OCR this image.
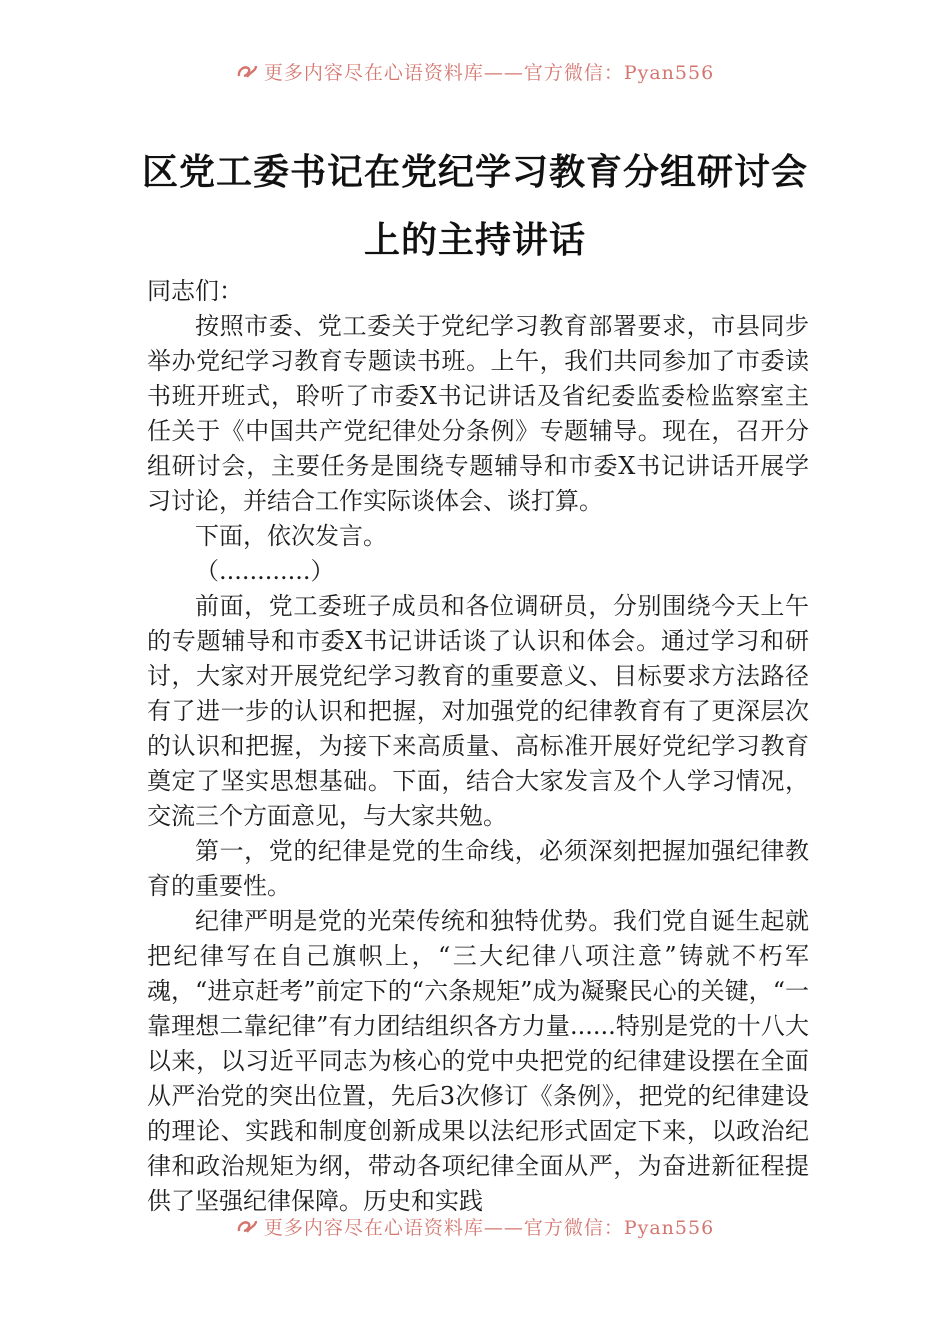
更多内容尽在心语资料库——官方微信：Pyan556
区党工委书记在党纪学习教育分组研讨会
上的主持讲话

同志们：

按照市委、党工委关于党纪学习教育部署要求，市县同步举办党纪学习教育专题读书班。上午，我们共同参加了市委读书班开班式，聆听了市委X书记讲话及省纪委监委检监察室主任关于《中国共产党纪律处分条例》专题辅导。现在，召开分组研讨会，主要任务是围绕专题辅导和市委X书记讲话开展学习讨论，并结合工作实际谈体会、谈打算。

下面，依次发言。

（............）

前面，党工委班子成员和各位调研员，分别围绕今天上午的专题辅导和市委X书记讲话谈了认识和体会。通过学习和研讨，大家对开展党纪学习教育的重要意义、目标要求方法路径有了进一步的认识和把握，对加强党的纪律教育有了更深层次的认识和把握，为接下来高质量、高标准开展好党纪学习教育奠定了坚实思想基础。下面，结合大家发言及个人学习情况，交流三个方面意见，与大家共勉。

第一，党的纪律是党的生命线，必须深刻把握加强纪律教育的重要性。

纪律严明是党的光荣传统和独特优势。我们党自诞生起就把纪律写在自己旗帜上，“三大纪律八项注意”铸就不朽军魂，“进京赶考”前定下的“六条规矩”成为凝聚民心的关键，“一靠理想二靠纪律”有力团结组织各方力量......特别是党的十八大以来，以习近平同志为核心的党中央把党的纪律建设摆在全面从严治党的突出位置，先后3次修订《条例》，把党的纪律建设的理论、实践和制度创新成果以法纪形式固定下来，以政治纪律和政治规矩为纲，带动各项纪律全面从严，为奋进新征程提供了坚强纪律保障。历史和实践

更多内容尽在心语资料库——官方微信：Pyan556
